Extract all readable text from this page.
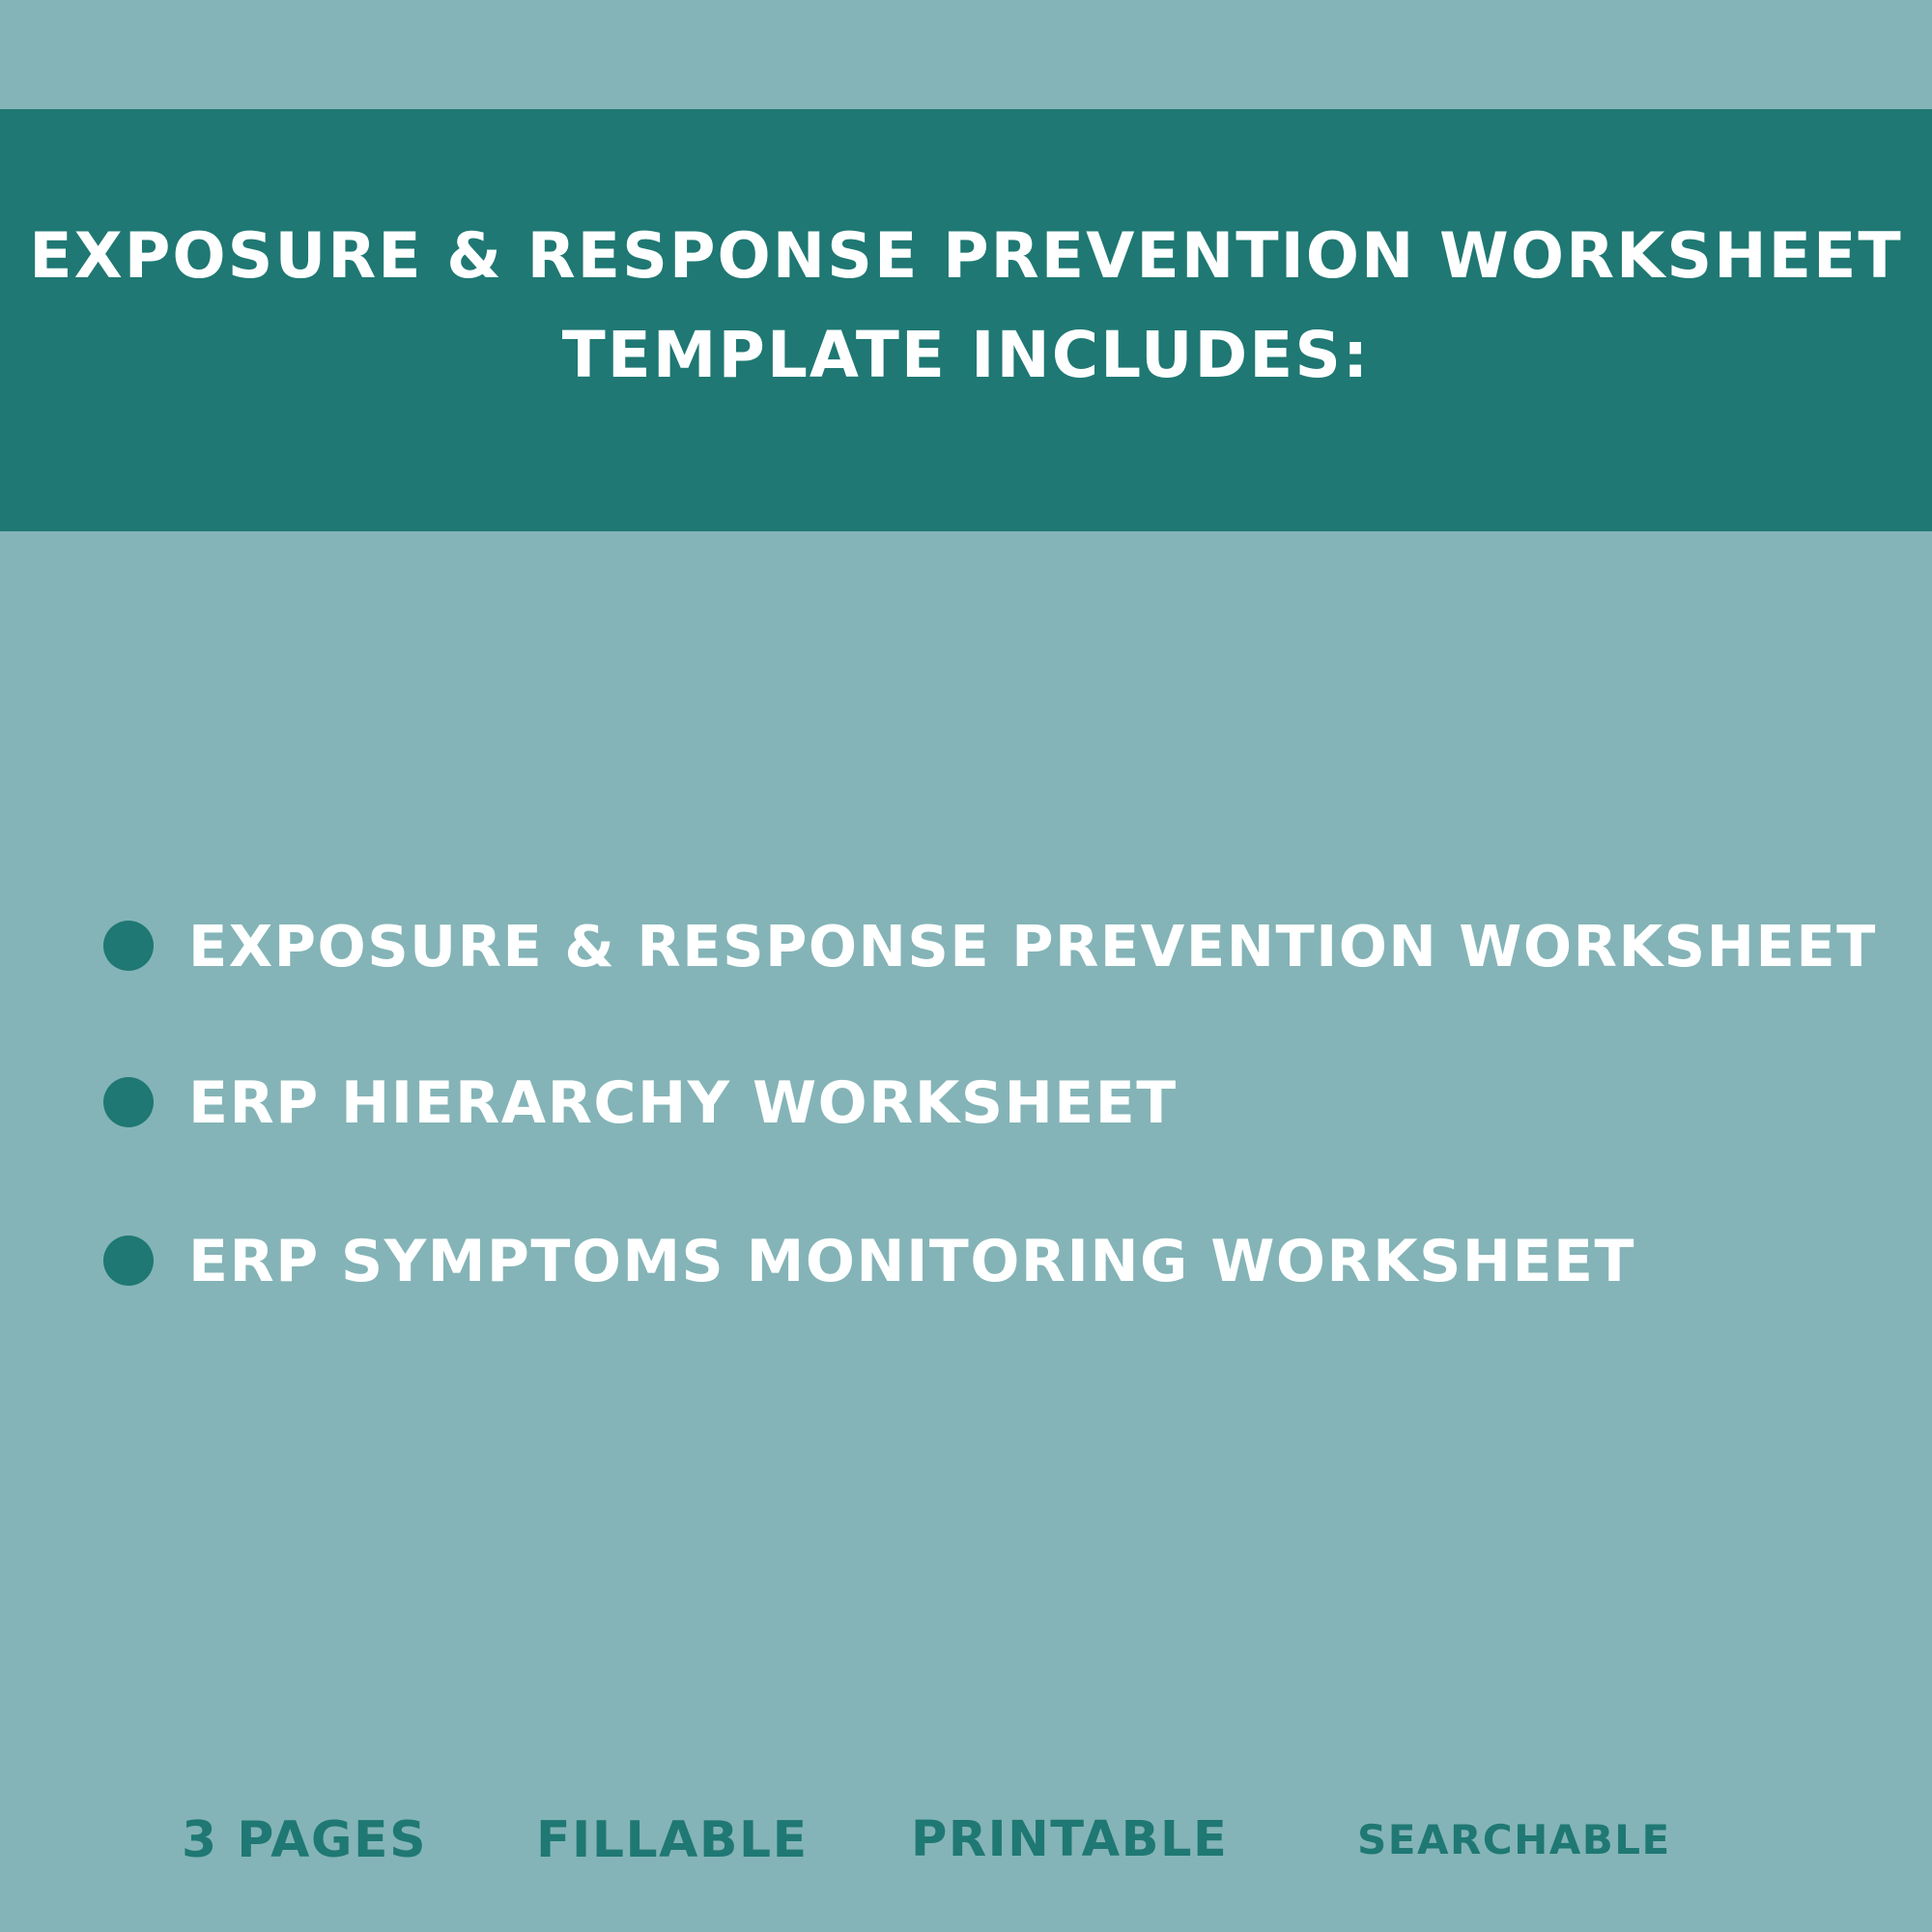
EXPOSURE & RESPONSE PREVENTION WORKSHEET
TEMPLATE INCLUDES:
EXPOSURE & RESPONSE PREVENTION WORKSHEET
ERP HIERARCHY WORKSHEET
ERP SYMPTOMS MONITORING WORKSHEET
3 PAGES FILLABLE PRINTABLE	SEARCHABLE
